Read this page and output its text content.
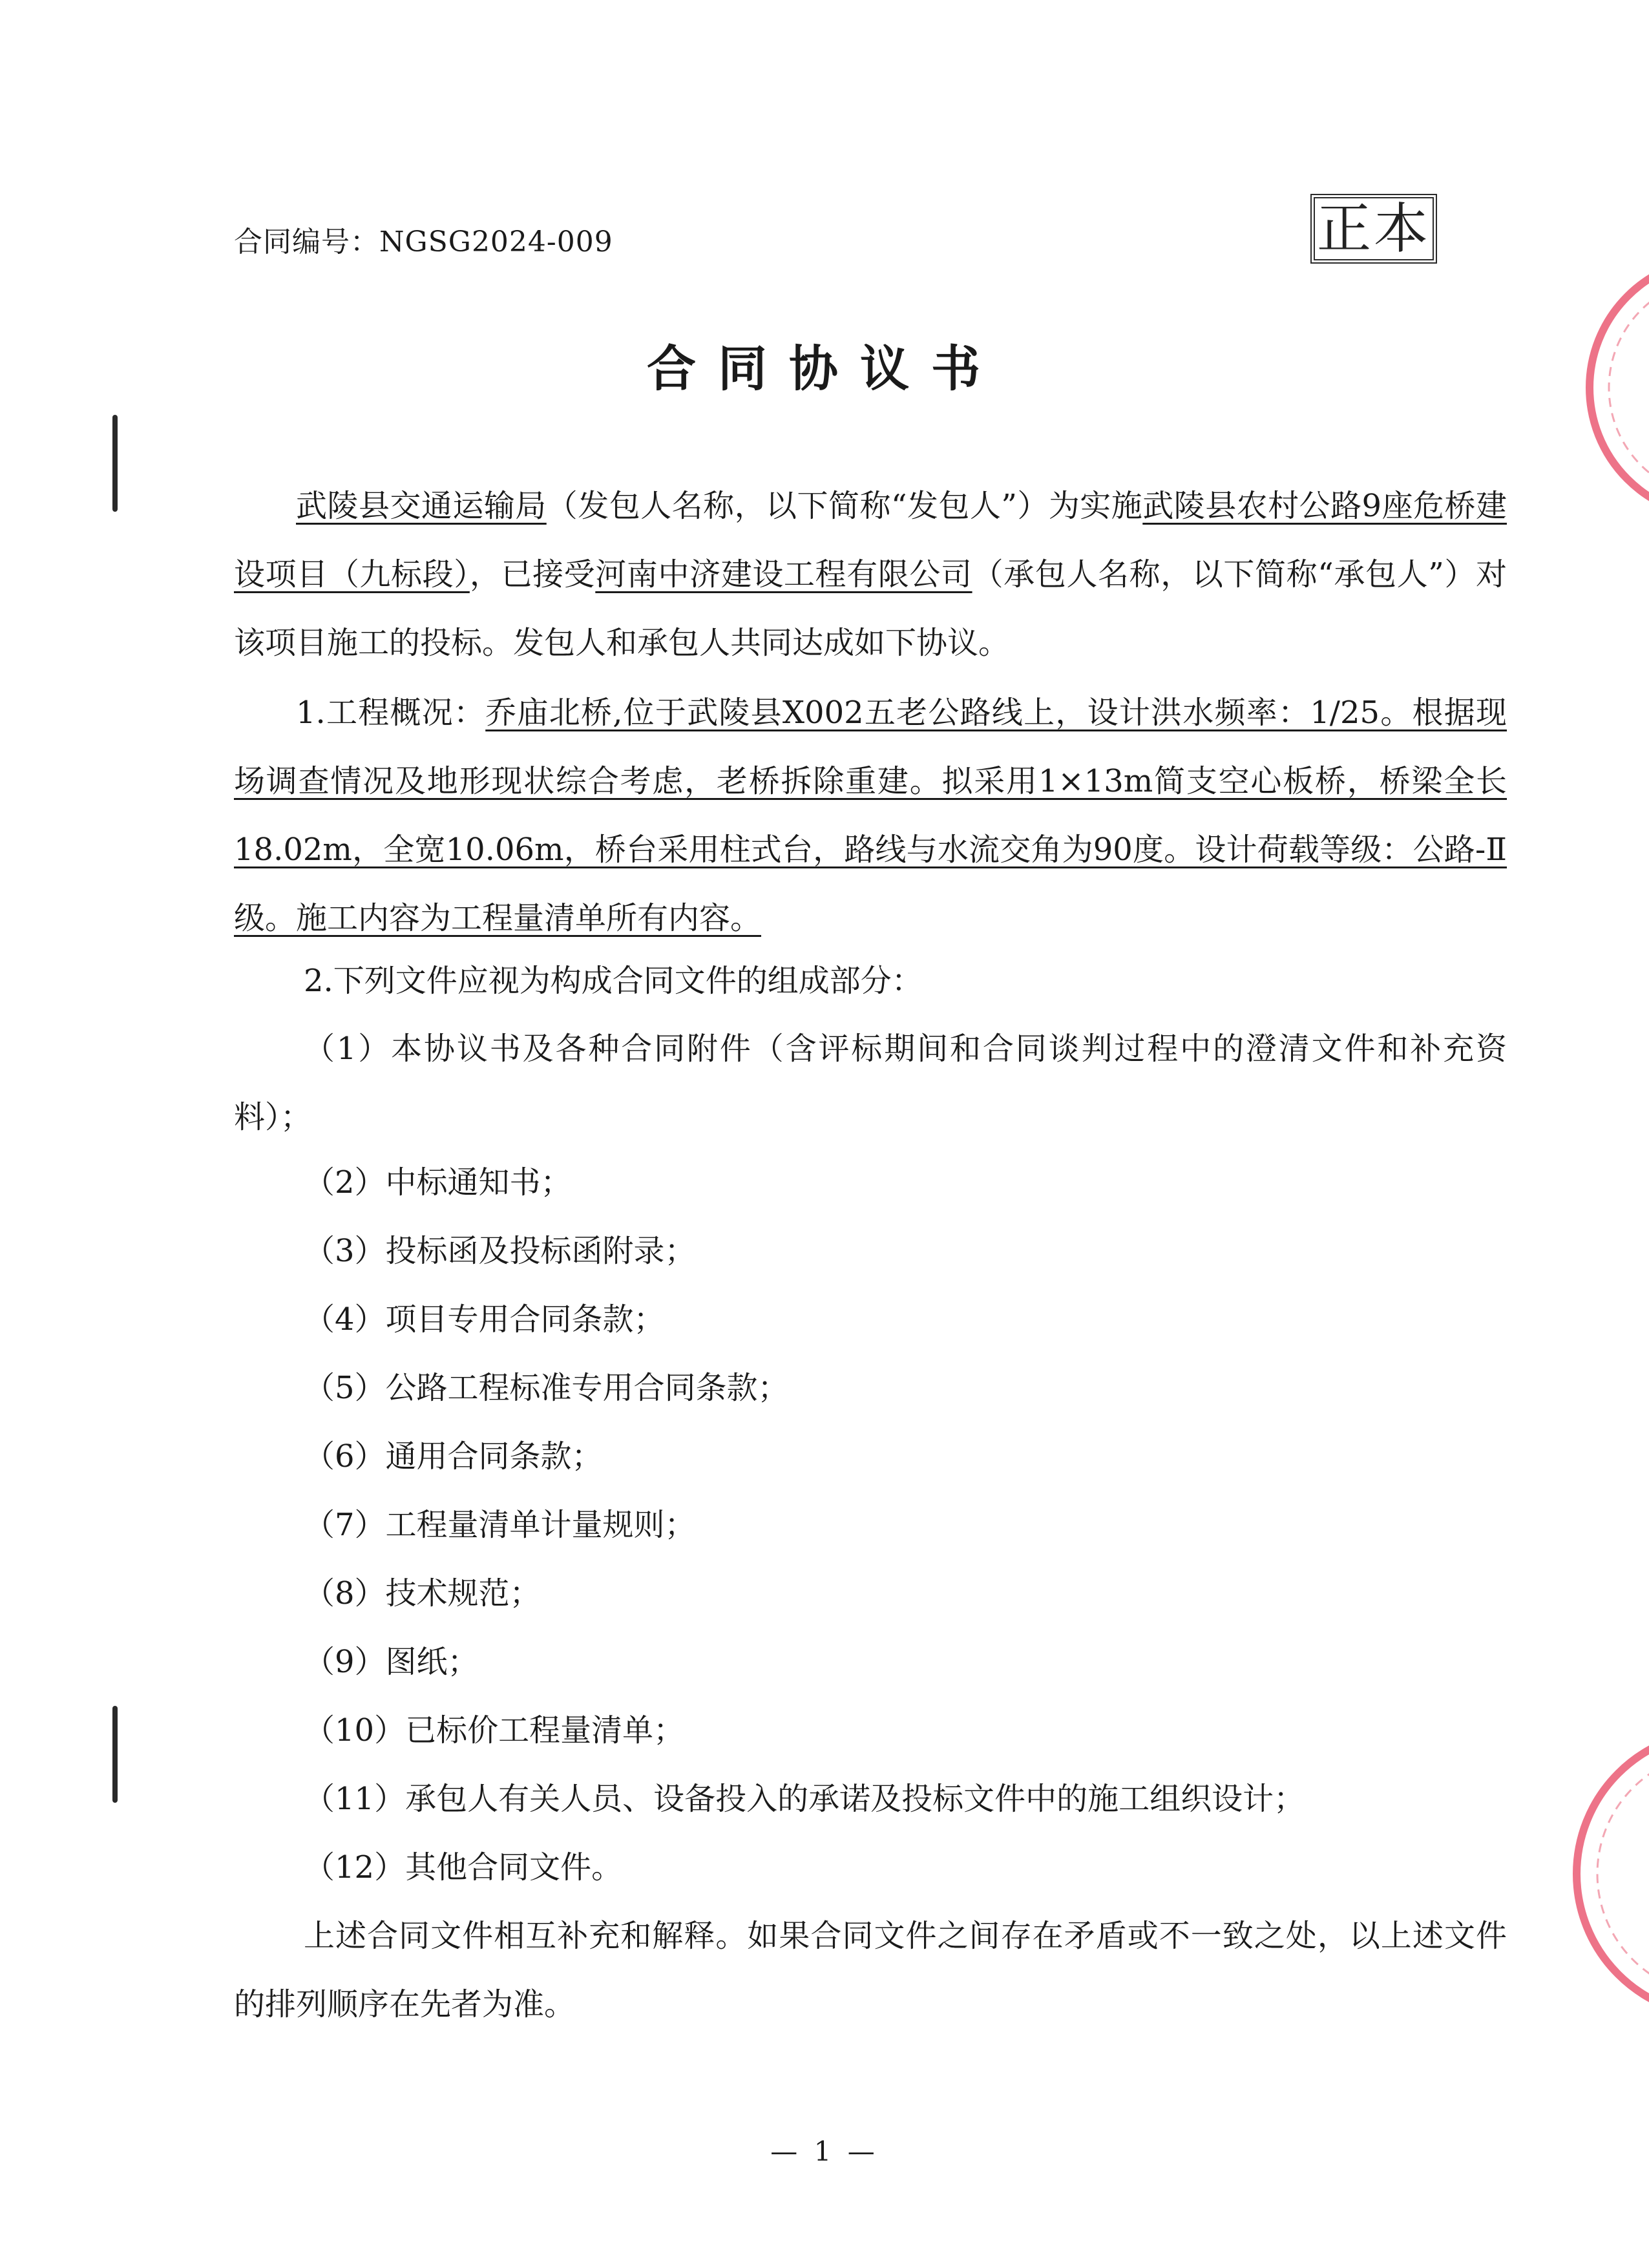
合同编号：NGSG2024-009	正本
合同协议书
武陵县交通运输局（发包人名称，以下简称“发包人”）为实施武陵县农村公路9座危桥建设项目（九标段），已接受河南中济建设工程有限公司（承包人名称，以下简称“承包人”）对该项目施工的投标。发包人和承包人共同达成如下协议。
1.工程概况：乔庙北桥,位于武陵县X002五老公路线上，设计洪水频率：1/25。根据现场调查情况及地形现状综合考虑，老桥拆除重建。拟采用1×13m简支空心板桥，桥梁全长18.02m，全宽10.06m，桥台采用柱式台，路线与水流交角为90度。设计荷载等级：公路-Ⅱ级。施工内容为工程量清单所有内容。
2.下列文件应视为构成合同文件的组成部分：
（1）本协议书及各种合同附件（含评标期间和合同谈判过程中的澄清文件和补充资料）；
（2）中标通知书；
（3）投标函及投标函附录；
（4）项目专用合同条款；
（5）公路工程标准专用合同条款；
（6）通用合同条款；
（7）工程量清单计量规则；
（8）技术规范；
（9）图纸；
（10）已标价工程量清单；
（11）承包人有关人员、设备投入的承诺及投标文件中的施工组织设计；
（12）其他合同文件。
上述合同文件相互补充和解释。如果合同文件之间存在矛盾或不一致之处，以上述文件的排列顺序在先者为准。
— 1 —
